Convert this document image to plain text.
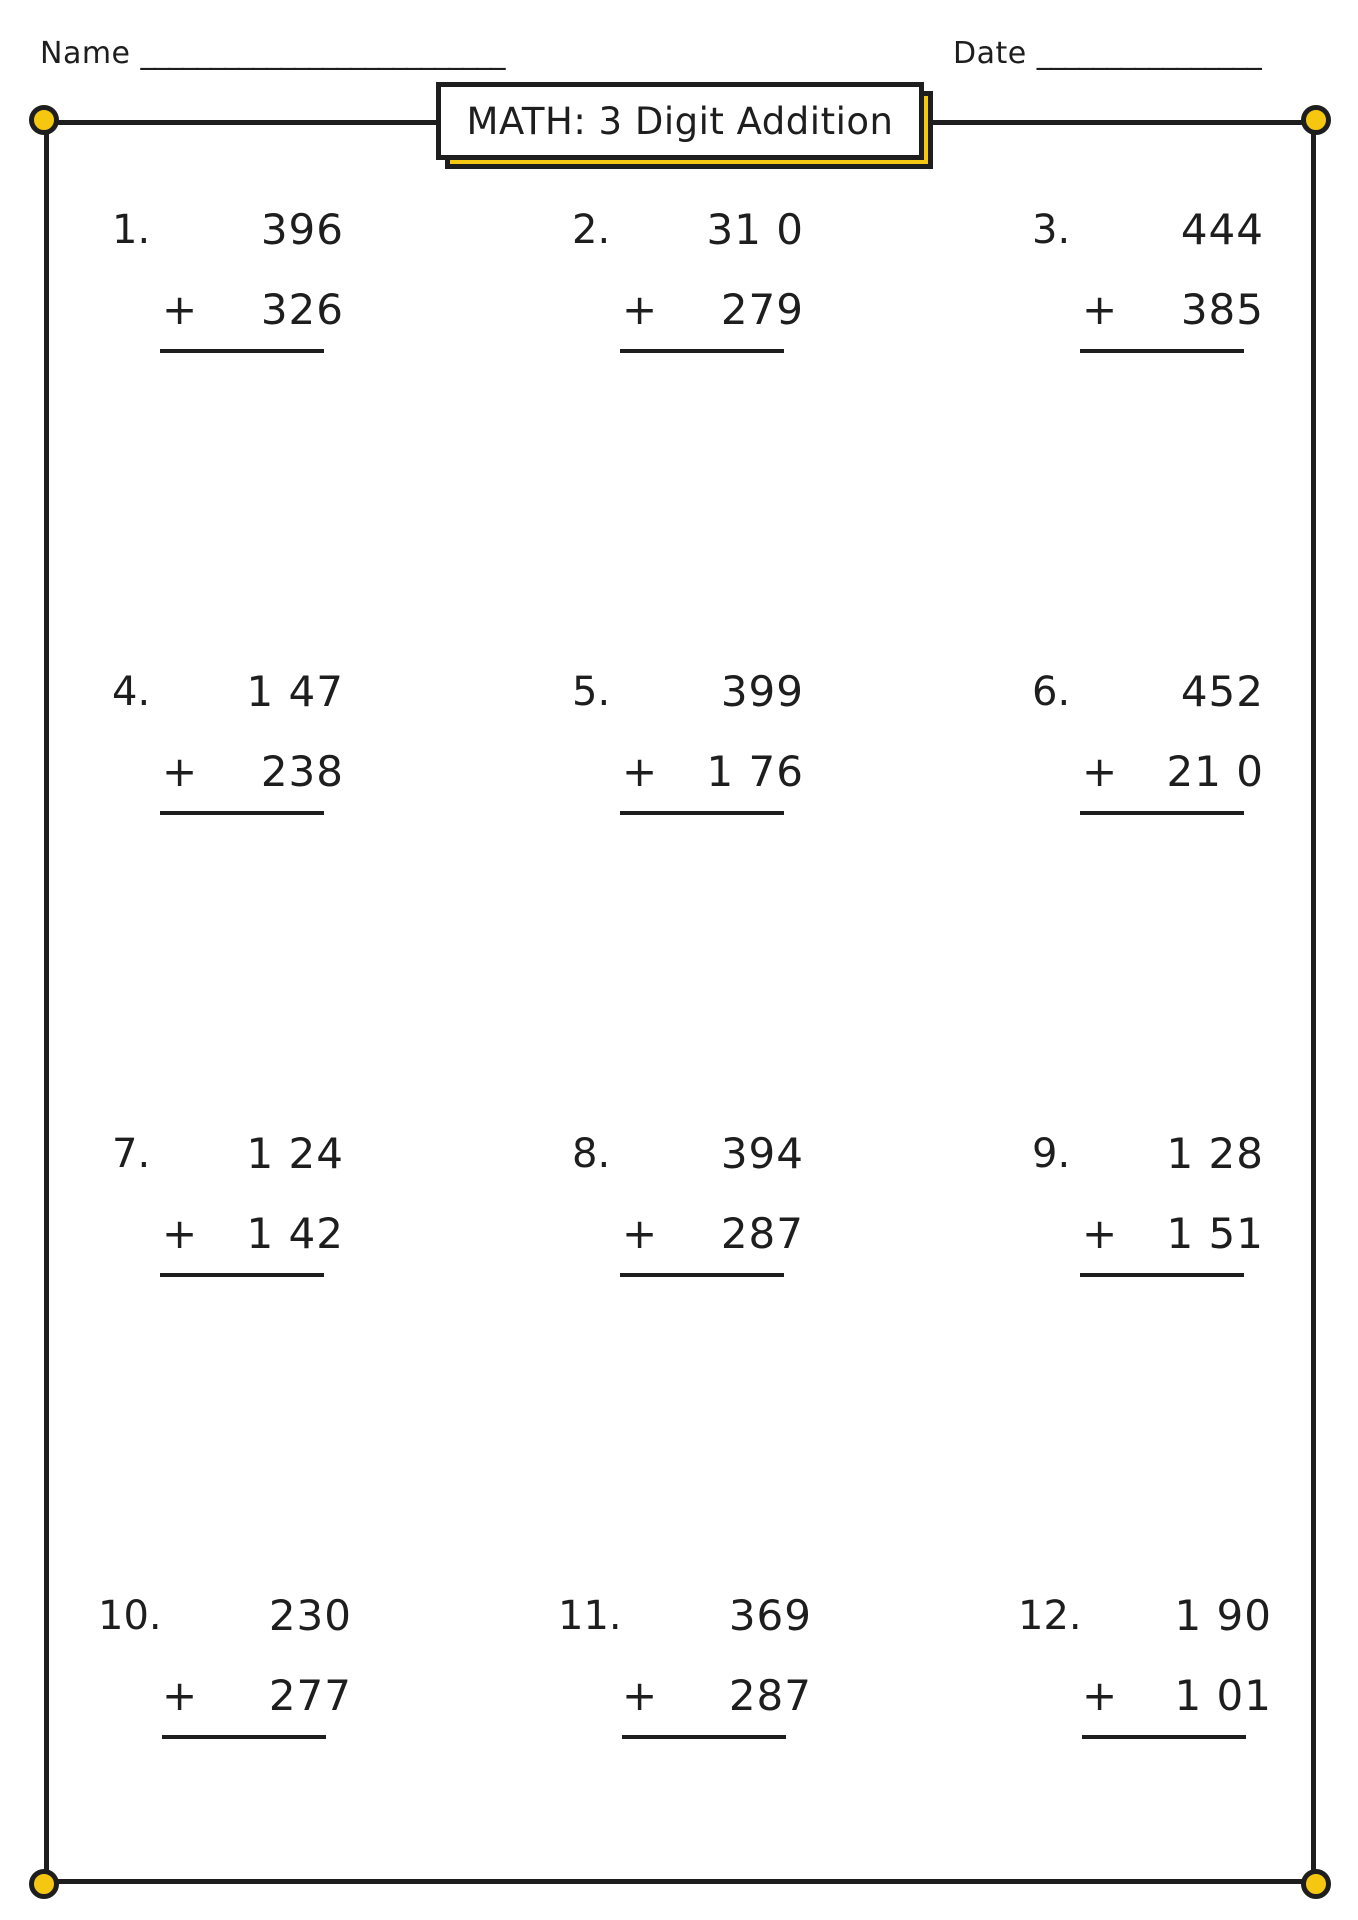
Name __________________________	Date ________________
MATH: 3 Digit Addition
1.	396
+ 326
2. 31 0
+ 279
3.	444
+ 385
4. 1 47
+ 238
5.	399
+ 1 76
6.	452
+ 21 0
7. 1 24
+ 1 42
8.	394
+ 287
9. 1 28
+ 1 51
10.	230
+ 277
11.	369
+ 287
12. 1 90
+ 1 01
